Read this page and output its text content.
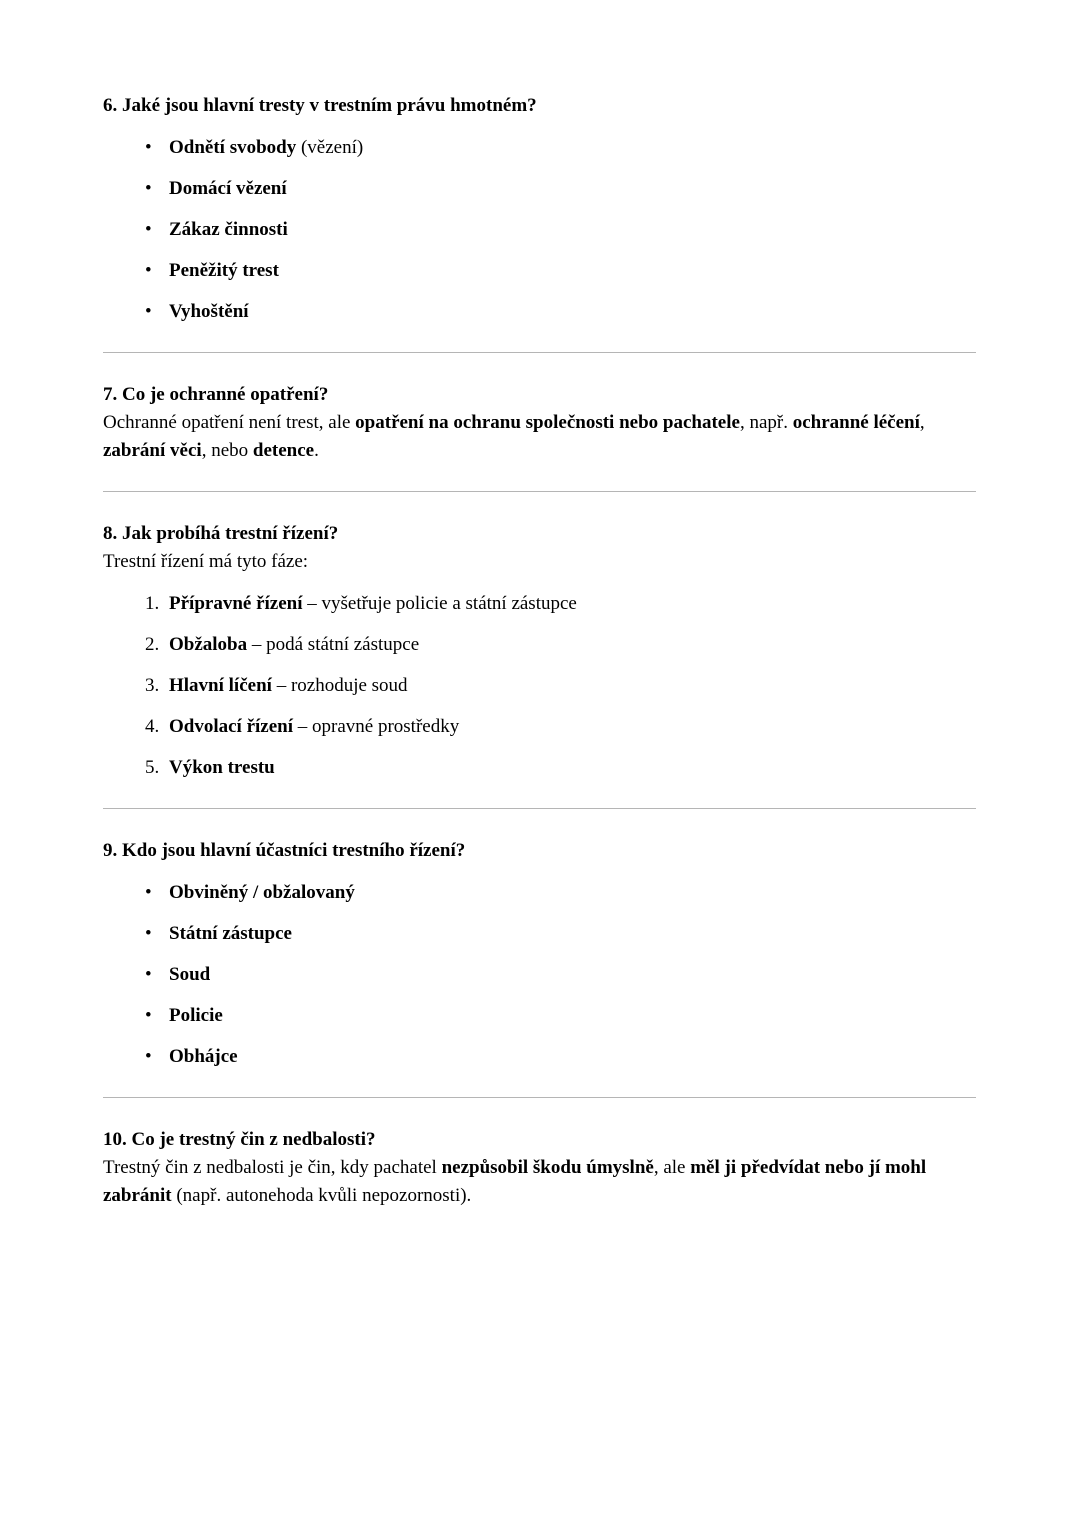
6. Jaké jsou hlavní tresty v trestním právu hmotném?
• Odnětí svobody (vězení)
• Domácí vězení
• Zákaz činnosti
• Peněžitý trest
• Vyhoštění
7. Co je ochranné opatření?

Ochranné opatření není trest, ale opatření na ochranu společnosti nebo pachatele, např. ochranné léčení, zabrání věci, nebo detence.

8. Jak probíhá trestní řízení?

Trestní řízení má tyto fáze:

1. Přípravné řízení – vyšetřuje policie a státní zástupce
2. Obžaloba – podá státní zástupce
3. Hlavní líčení – rozhoduje soud
4. Odvolací řízení – opravné prostředky
5. Výkon trestu
9. Kdo jsou hlavní účastníci trestního řízení?
• Obviněný / obžalovaný
• Státní zástupce
• Soud
• Policie
• Obhájce
10. Co je trestný čin z nedbalosti?

Trestný čin z nedbalosti je čin, kdy pachatel nezpůsobil škodu úmyslně, ale měl ji předvídat nebo jí mohl zabránit (např. autonehoda kvůli nepozornosti).
